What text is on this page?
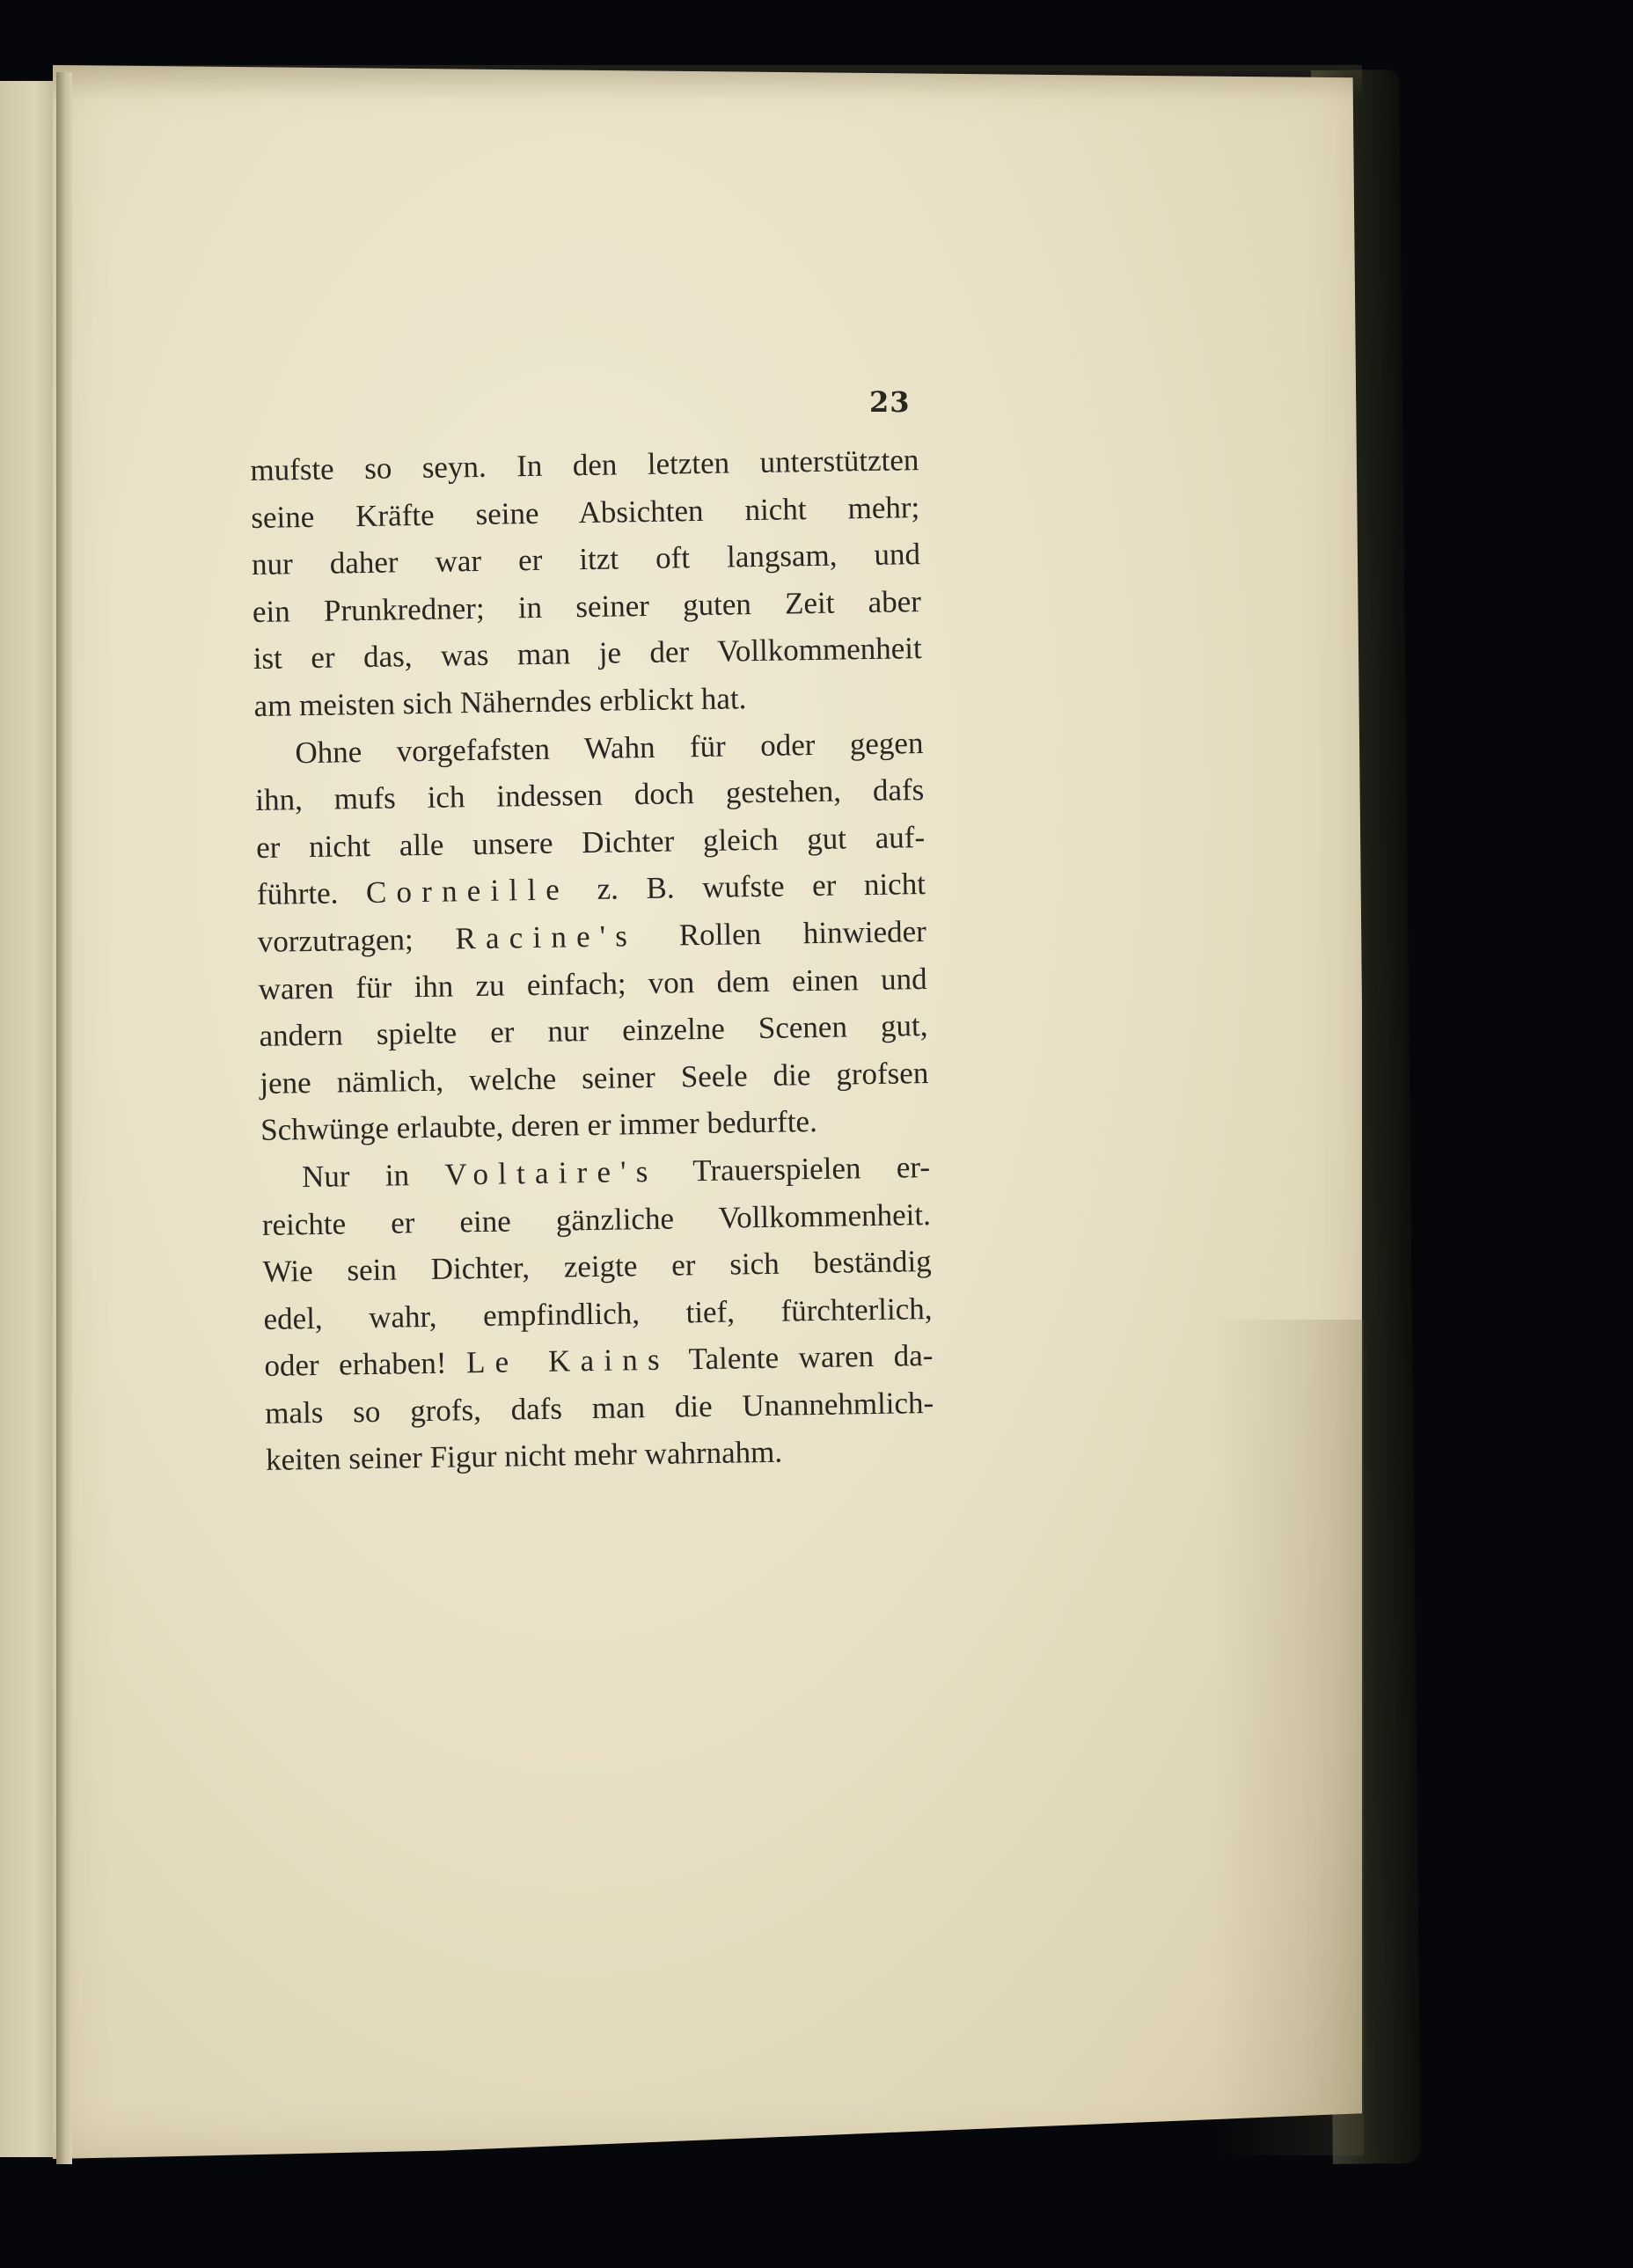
23
mufste so seyn. In den letzten unterstützten
seine Kräfte seine Absichten nicht mehr;
nur daher war er itzt oft langsam, und
ein Prunkredner; in seiner guten Zeit aber
ist er das, was man je der Vollkommenheit
am meisten sich Näherndes erblickt hat.
Ohne vorgefafsten Wahn für oder gegen
ihn, mufs ich indessen doch gestehen, dafs
er nicht alle unsere Dichter gleich gut auf-
führte. Corneille z. B. wufste er nicht
vorzutragen; Racine's Rollen hinwieder
waren für ihn zu einfach; von dem einen und
andern spielte er nur einzelne Scenen gut,
jene nämlich, welche seiner Seele die grofsen
Schwünge erlaubte, deren er immer bedurfte.
Nur in Voltaire's Trauerspielen er-
reichte er eine gänzliche Vollkommenheit.
Wie sein Dichter, zeigte er sich beständig
edel, wahr, empfindlich, tief, fürchterlich,
oder erhaben! Le Kains Talente waren da-
mals so grofs, dafs man die Unannehmlich-
keiten seiner Figur nicht mehr wahrnahm.
